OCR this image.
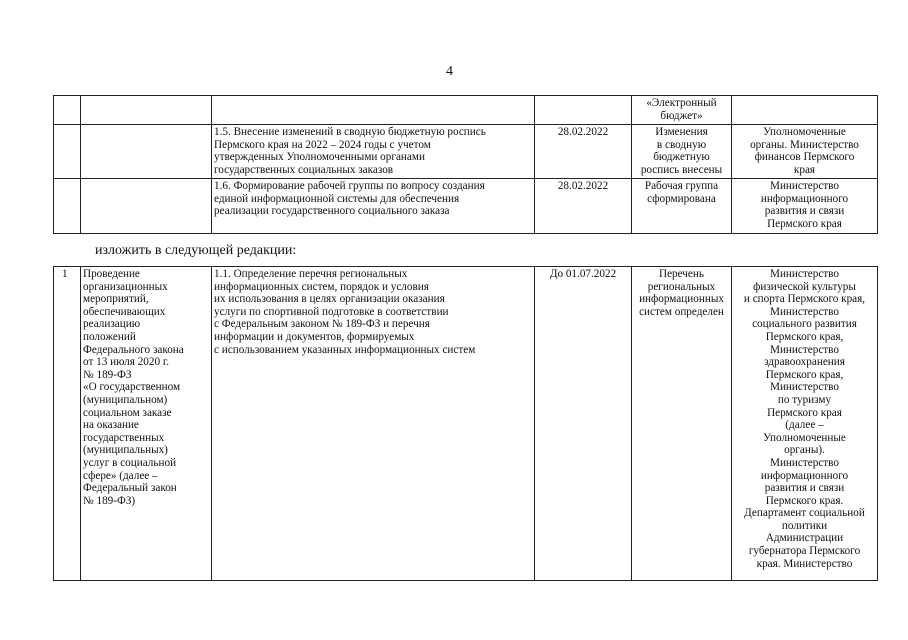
4
				«Электронный
бюджет»	
		1.5. Внесение изменений в сводную бюджетную роспись
Пермского края на 2022 – 2024 годы с учетом
утвержденных Уполномоченными органами
государственных социальных заказов	28.02.2022	Изменения
в сводную
бюджетную
роспись внесены	Уполномоченные
органы. Министерство
финансов Пермского
края
		1.6. Формирование рабочей группы по вопросу создания
единой информационной системы для обеспечения
реализации государственного социального заказа	28.02.2022	Рабочая группа
сформирована	Министерство
информационного
развития и связи
Пермского края
изложить в следующей редакции:
1	Проведение
организационных
мероприятий,
обеспечивающих
реализацию
положений
Федерального закона
от 13 июля 2020 г.
№ 189-ФЗ
«О государственном
(муниципальном)
социальном заказе
на оказание
государственных
(муниципальных)
услуг в социальной
сфере» (далее –
Федеральный закон
№ 189-ФЗ)	1.1. Определение перечня региональных
информационных систем, порядок и условия
их использования в целях организации оказания
услуги по спортивной подготовке в соответствии
с Федеральным законом № 189-ФЗ и перечня
информации и документов, формируемых
с использованием указанных информационных систем	До 01.07.2022	Перечень
региональных
информационных
систем определен	Министерство
физической культуры
и спорта Пермского края,
Министерство
социального развития
Пермского края,
Министерство
здравоохранения
Пермского края,
Министерство
по туризму
Пермского края
(далее –
Уполномоченные
органы).
Министерство
информационного
развития и связи
Пермского края.
Департамент социальной
политики
Администрации
губернатора Пермского
края. Министерство
